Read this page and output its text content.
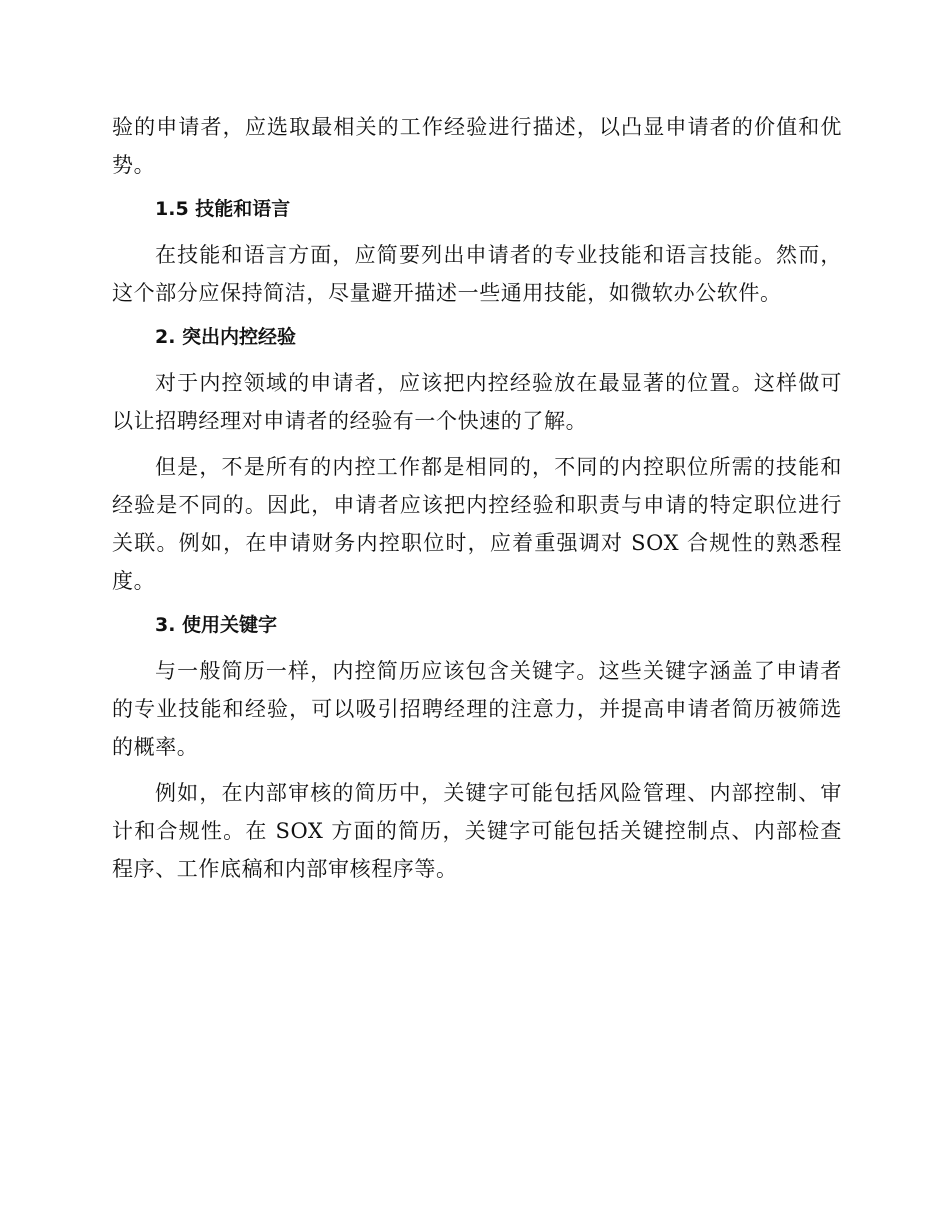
验的申请者，应选取最相关的工作经验进行描述，以凸显申请者的价值和优势。

1.5 技能和语言

在技能和语言方面，应简要列出申请者的专业技能和语言技能。然而，这个部分应保持简洁，尽量避开描述一些通用技能，如微软办公软件。

2. 突出内控经验

对于内控领域的申请者，应该把内控经验放在最显著的位置。这样做可以让招聘经理对申请者的经验有一个快速的了解。

但是，不是所有的内控工作都是相同的，不同的内控职位所需的技能和经验是不同的。因此，申请者应该把内控经验和职责与申请的特定职位进行关联。例如，在申请财务内控职位时，应着重强调对 SOX 合规性的熟悉程度。

3. 使用关键字

与一般简历一样，内控简历应该包含关键字。这些关键字涵盖了申请者的专业技能和经验，可以吸引招聘经理的注意力，并提高申请者简历被筛选的概率。

例如，在内部审核的简历中，关键字可能包括风险管理、内部控制、审计和合规性。在 SOX 方面的简历，关键字可能包括关键控制点、内部检查程序、工作底稿和内部审核程序等。
